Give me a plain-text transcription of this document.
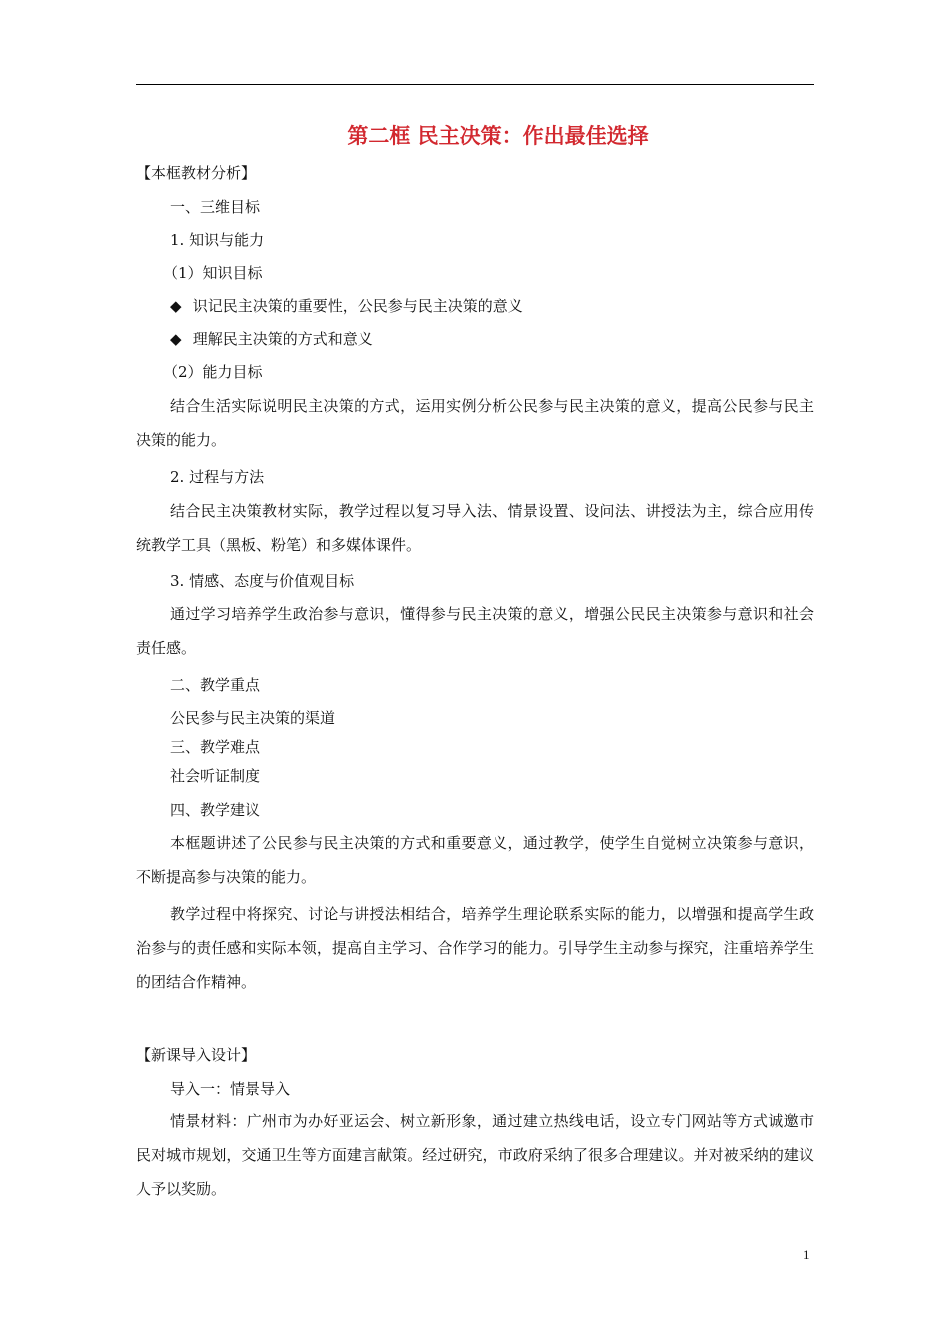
第二框 民主决策：作出最佳选择
【本框教材分析】
一、三维目标
1. 知识与能力
（1）知识目标
◆ 识记民主决策的重要性，公民参与民主决策的意义
◆ 理解民主决策的方式和意义
（2）能力目标
结合生活实际说明民主决策的方式，运用实例分析公民参与民主决策的意义，提高公民参与民主决策的能力。
2. 过程与方法
结合民主决策教材实际，教学过程以复习导入法、情景设置、设问法、讲授法为主，综合应用传统教学工具（黑板、粉笔）和多媒体课件。
3. 情感、态度与价值观目标
通过学习培养学生政治参与意识，懂得参与民主决策的意义，增强公民民主决策参与意识和社会责任感。
二、教学重点
公民参与民主决策的渠道
三、教学难点
社会听证制度
四、教学建议
本框题讲述了公民参与民主决策的方式和重要意义，通过教学，使学生自觉树立决策参与意识，不断提高参与决策的能力。
教学过程中将探究、讨论与讲授法相结合，培养学生理论联系实际的能力，以增强和提高学生政治参与的责任感和实际本领，提高自主学习、合作学习的能力。引导学生主动参与探究，注重培养学生的团结合作精神。
【新课导入设计】
导入一：情景导入
情景材料：广州市为办好亚运会、树立新形象，通过建立热线电话，设立专门网站等方式诚邀市民对城市规划，交通卫生等方面建言献策。经过研究，市政府采纳了很多合理建议。并对被采纳的建议人予以奖励。
1
